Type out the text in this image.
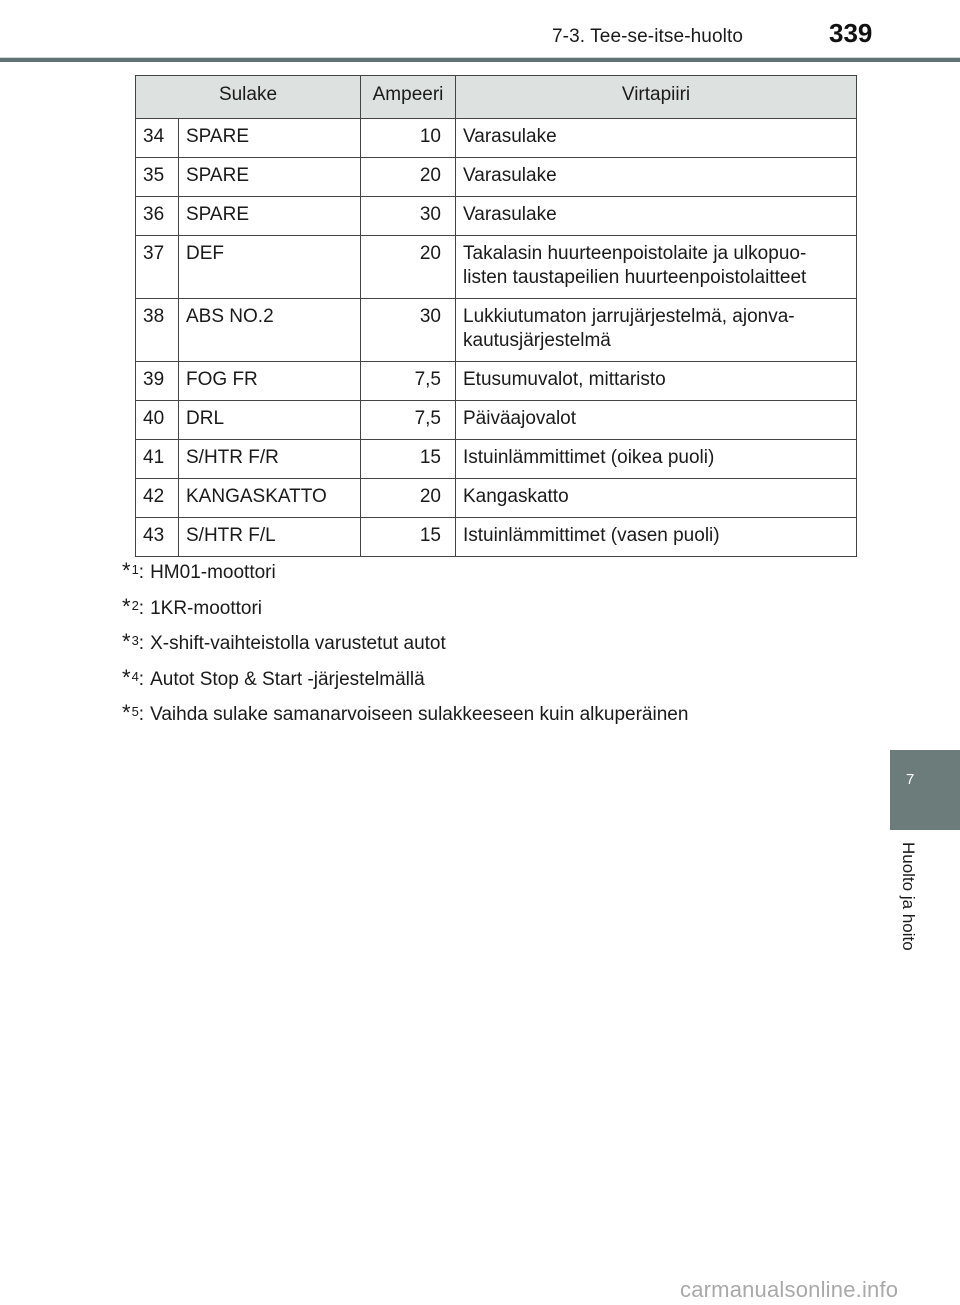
7-3. Tee-se-itse-huolto	339
Sulake		Ampeeri	Virtapiiri
34	SPARE	10	Varasulake

35	SPARE	20	Varasulake

36	SPARE	30	Varasulake

37	DEF	20	Takalasin huurteenpoistolaite ja ulkopuo-
listen taustapeilien huurteenpoistolaitteet

38	ABS NO.2	30	Lukkiutumaton jarrujärjestelmä, ajonva-
kautusjärjestelmä

39	FOG FR	7,5	Etusumuvalot, mittaristo

40	DRL	7,5	Päiväajovalot

41	S/HTR F/R	15	Istuinlämmittimet (oikea puoli)

42	KANGASKATTO	20	Kangaskatto

43	S/HTR F/L	15	Istuinlämmittimet (vasen puoli)
*$^1$: HM01-moottori
*$^2$: 1KR-moottori
*$^3$: X-shift-vaihteistolla varustetut autot
*$^4$: Autot Stop & Start -järjestelmällä
*$^5$: Vaihda sulake samanarvoiseen sulakkeeseen kuin alkuperäinen
7
Huolto ja hoito
carmanualsonline.info
